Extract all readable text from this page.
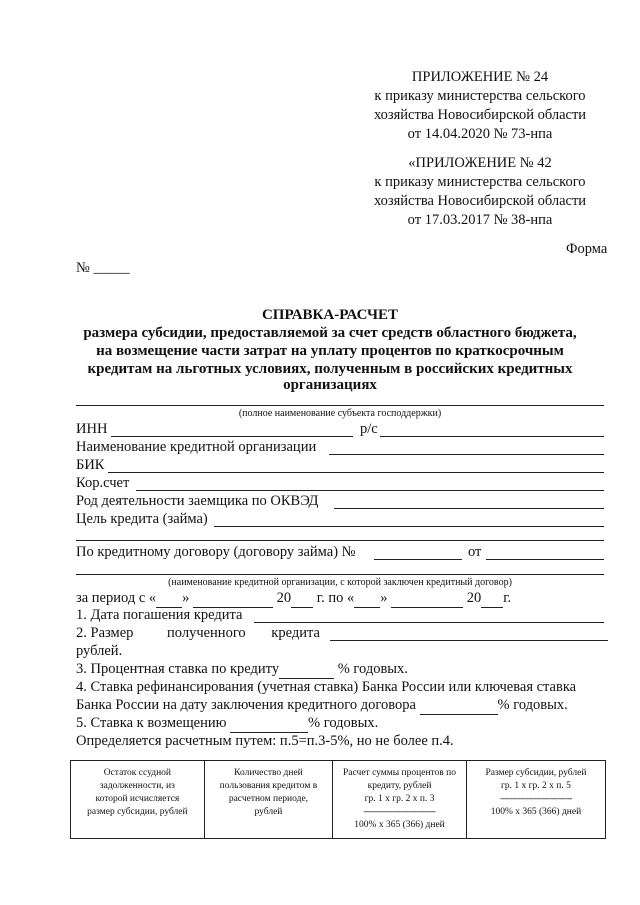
ПРИЛОЖЕНИЕ № 24
к приказу министерства сельского
хозяйства Новосибирской области
от 14.04.2020 № 73-нпа
«ПРИЛОЖЕНИЕ № 42
к приказу министерства сельского
хозяйства Новосибирской области
от 17.03.2017 № 38-нпа
Форма
№ _____
СПРАВКА-РАСЧЕТ
размера субсидии, предоставляемой за счет средств областного бюджета,
на возмещение части затрат на уплату процентов по краткосрочным
кредитам на льготных условиях, полученным в российских кредитных
организациях
(полное наименование субъекта господдержки)
ИНН	р/с
Наименование кредитной организации
БИК
Кор.счет
Род деятельности заемщика по ОКВЭД
Цель кредита (займа)
По кредитному договору (договору займа) №	от
(наименование кредитной организации, с которой заключен кредитный договор)
за период с « »	20 г. по « »	20 г.
1. Дата погашения кредита
2. Размер полученного кредита
рублей.
3. Процентная ставка по кредиту	% годовых.
4. Ставка рефинансирования (учетная ставка) Банка России или ключевая ставка
Банка России на дату заключения кредитного договора	% годовых.
5. Ставка к возмещению	% годовых.
Определяется расчетным путем: п.5=п.3-5%, но не более п.4.
Остаток ссудной
задолженности, из
которой исчисляется
размер субсидии, рублей

Количество дней
пользования кредитом в
расчетном периоде,
рублей

Расчет суммы процентов по
кредиту, рублей
гр. 1 x гр. 2 x п. 3
---------------------------
100% x 365 (366) дней

Размер субсидии, рублей
гр. 1 x гр. 2 x п. 5
---------------------------
100% x 365 (366) дней
